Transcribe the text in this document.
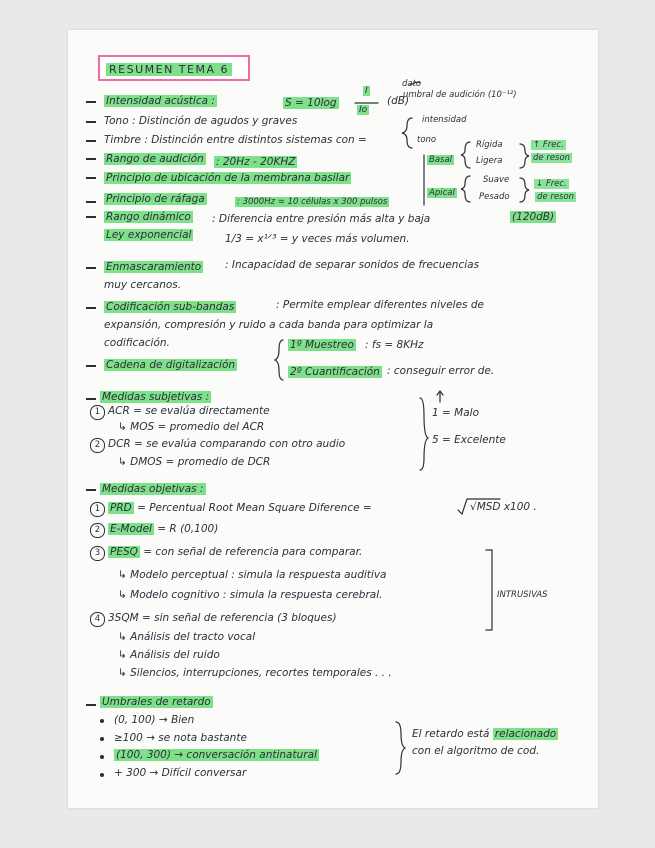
RESUMEN TEMA 6
Intensidad acústica :	S = 10log
I
Io
(dB)
dato
umbral de audición (10⁻¹²)
Tono : Distinción de agudos y graves	intensidad
Timbre : Distinción entre distintos sistemas con =	tono
Rango de audición : 20Hz - 20KHZ	Basal
Rígida
Ligera
↑ Frec.
de reson
Principio de ubicación de la membrana basilar
Apical
Suave
Pesado
↓ Frec.
de reson
Principio de ráfaga	: 3000Hz = 10 células x 300 pulsos
Rango dinámico : Diferencia entre presión más alta y baja	(120dB)
Ley exponencial	1/3 = x¹ᐟ³ = y veces más volumen.
Enmascaramiento : Incapacidad de separar sonidos de frecuencias
muy cercanos.
Codificación sub-bandas	: Permite emplear diferentes niveles de
expansión, compresión y ruido a cada banda para optimizar la
codificación.
Cadena de digitalización
1º Muestreo : fs = 8KHz
2º Cuantificación : conseguir error de.
Medidas subjetivas :
1 ACR = se evalúa directamente
↳ MOS = promedio del ACR
2 DCR = se evalúa comparando con otro audio
↳ DMOS = promedio de DCR
1 = Malo
5 = Excelente
Medidas objetivas :
1 PRD = Percentual Root Mean Square Diference =	√MSD x100 .
2 E-Model = R (0,100)
3 PESQ = con señal de referencia para comparar.
↳ Modelo perceptual : simula la respuesta auditiva
↳ Modelo cognitivo : simula la respuesta cerebral.	INTRUSIVAS
4 3SQM = sin señal de referencia (3 bloques)
↳ Análisis del tracto vocal
↳ Análisis del ruido
↳ Silencios, interrupciones, recortes temporales . . .
Umbrales de retardo
(0, 100) → Bien
≥100 → se nota bastante
(100, 300) → conversación antinatural
+ 300 → Difícil conversar
El retardo está relacionado
con el algoritmo de cod.
